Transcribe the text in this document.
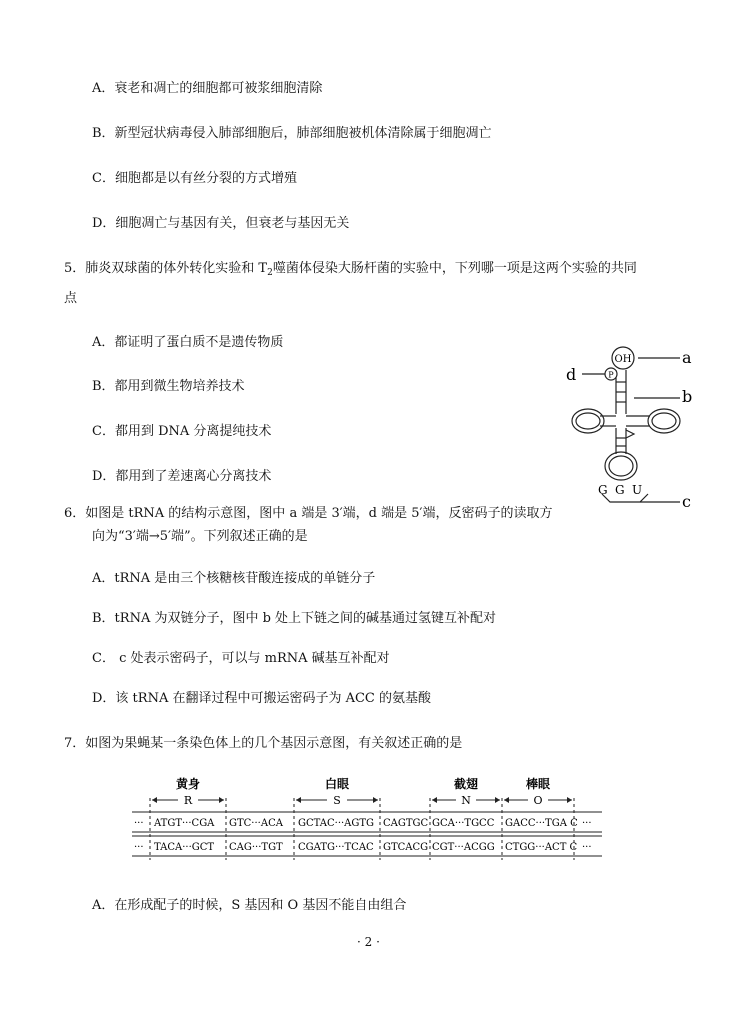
A．衰老和凋亡的细胞都可被浆细胞清除
B．新型冠状病毒侵入肺部细胞后，肺部细胞被机体清除属于细胞凋亡
C．细胞都是以有丝分裂的方式增殖
D．细胞凋亡与基因有关，但衰老与基因无关
5．肺炎双球菌的体外转化实验和 $T_2$噬菌体侵染大肠杆菌的实验中，下列哪一项是这两个实验的共同
点
A．都证明了蛋白质不是遗传物质
B．都用到微生物培养技术
C．都用到 DNA 分离提纯技术
D．都用到了差速离心分离技术
OH
P
a
d
b
c
G G U
6．如图是 tRNA 的结构示意图，图中 a 端是 3′端，d 端是 5′端，反密码子的读取方
向为“3′端→5′端”。下列叙述正确的是
A．tRNA 是由三个核糖核苷酸连接成的单链分子
B．tRNA 为双链分子，图中 b 处上下链之间的碱基通过氢键互补配对
C． c 处表示密码子，可以与 mRNA 碱基互补配对
D．该 tRNA 在翻译过程中可搬运密码子为 ACC 的氨基酸
7．如图为果蝇某一条染色体上的几个基因示意图，有关叙述正确的是
黄身	白眼	截翅	棒眼
R	S	N	O
··· ATGT···CGA GTC···ACA GCTAC···AGTG CAGTGC GCA···TGCC GACC···TGA C ···
··· TACA···GCT CAG···TGT CGATG···TCAC GTCACG CGT···ACGG CTGG···ACT C ···
A．在形成配子的时候，S 基因和 O 基因不能自由组合
· 2 ·
